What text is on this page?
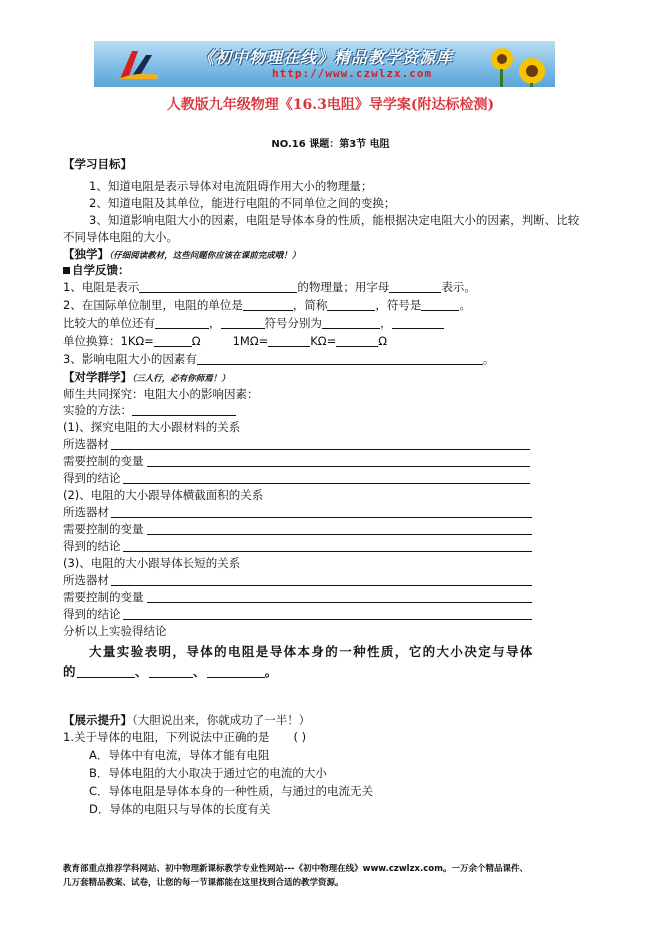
《初中物理在线》精品教学资源库
http://www.czwlzx.com
人教版九年级物理《16.3电阻》导学案(附达标检测)
NO.16 课题：第3节 电阻
【学习目标】
1、知道电阻是表示导体对电流阻碍作用大小的物理量；
2、知道电阻及其单位，能进行电阻的不同单位之间的变换；
3、知道影响电阻大小的因素，电阻是导体本身的性质，能根据决定电阻大小的因素，判断、比较
不同导体电阻的大小。
【独学】（仔细阅读教材，这些问题你应该在课前完成哦！）
自学反馈：
1、电阻是表示	的物理量；用字母	表示。
2、在国际单位制里，电阻的单位是	，简称	，符号是	。
比较大的单位还有	，	符号分别为	，
单位换算：1KΩ=	Ω	1MΩ=	KΩ=	Ω
3、影响电阻大小的因素有	。
【对学群学】（三人行，必有你师焉！）
师生共同探究：电阻大小的影响因素：
实验的方法：
(1)、探究电阻的大小跟材料的关系
所选器材
需要控制的变量
得到的结论
(2)、电阻的大小跟导体横截面积的关系
所选器材
需要控制的变量
得到的结论
(3)、电阻的大小跟导体长短的关系
所选器材
需要控制的变量
得到的结论
分析以上实验得结论
大量实验表明，导体的电阻是导体本身的一种性质，它的大小决定与导体
的	、	、	。
【展示提升】（大胆说出来，你就成功了一半！）
1.关于导体的电阻，下列说法中正确的是 ( )
A．导体中有电流，导体才能有电阻
B．导体电阻的大小取决于通过它的电流的大小
C．导体电阻是导体本身的一种性质，与通过的电流无关
D．导体的电阻只与导体的长度有关
教育部重点推荐学科网站、初中物理新课标教学专业性网站---《初中物理在线》www.czwlzx.com。一万余个精品课件、
几万套精品教案、试卷，让您的每一节课都能在这里找到合适的教学资源。
